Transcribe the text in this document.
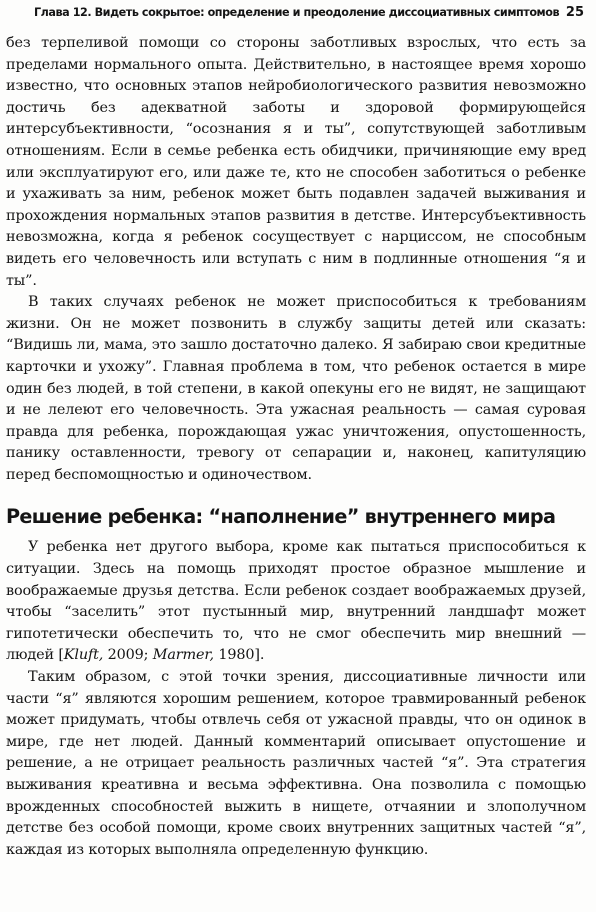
Глава 12. Видеть сокрытое: определение и преодоление диссоциативных симптомов 25

без терпеливой помощи со стороны заботливых взрослых, что есть за пределами нормального опыта. Действительно, в настоящее время хорошо известно, что основных этапов нейробиологического развития невозможно достичь без адекватной заботы и здоровой формирующейся интерсубъективности, “осознания я и ты”, сопутствующей заботливым отношениям. Если в семье ребенка есть обидчики, причиняющие ему вред или эксплуатируют его, или даже те, кто не способен заботиться о ребенке и ухаживать за ним, ребенок может быть подавлен задачей выживания и прохождения нормальных этапов развития в детстве. Интерсубъективность невозможна, когда я ребенок сосуществует с нарциссом, не способным видеть его человечность или вступать с ним в подлинные отношения “я и ты”.

В таких случаях ребенок не может приспособиться к требованиям жизни. Он не может позвонить в службу защиты детей или сказать: “Видишь ли, мама, это зашло достаточно далеко. Я забираю свои кредитные карточки и ухожу”. Главная проблема в том, что ребенок остается в мире один без людей, в той степени, в какой опекуны его не видят, не защищают и не лелеют его человечность. Эта ужасная реальность — самая суровая правда для ребенка, порождающая ужас уничтожения, опустошенность, панику оставленности, тревогу от сепарации и, наконец, капитуляцию перед беспомощностью и одиночеством.

Решение ребенка: “наполнение” внутреннего мира

У ребенка нет другого выбора, кроме как пытаться приспособиться к ситуации. Здесь на помощь приходят простое образное мышление и воображаемые друзья детства. Если ребенок создает воображаемых друзей, чтобы “заселить” этот пустынный мир, внутренний ландшафт может гипотетически обеспечить то, что не смог обеспечить мир внешний — людей [Kluft, 2009; Marmer, 1980].

Таким образом, с этой точки зрения, диссоциативные личности или части “я” являются хорошим решением, которое травмированный ребенок может придумать, чтобы отвлечь себя от ужасной правды, что он одинок в мире, где нет людей. Данный комментарий описывает опустошение и решение, а не отрицает реальность различных частей “я”. Эта стратегия выживания креативна и весьма эффективна. Она позволила с помощью врожденных способностей выжить в нищете, отчаянии и злополучном детстве без особой помощи, кроме своих внутренних защитных частей “я”, каждая из которых выполняла определенную функцию.
